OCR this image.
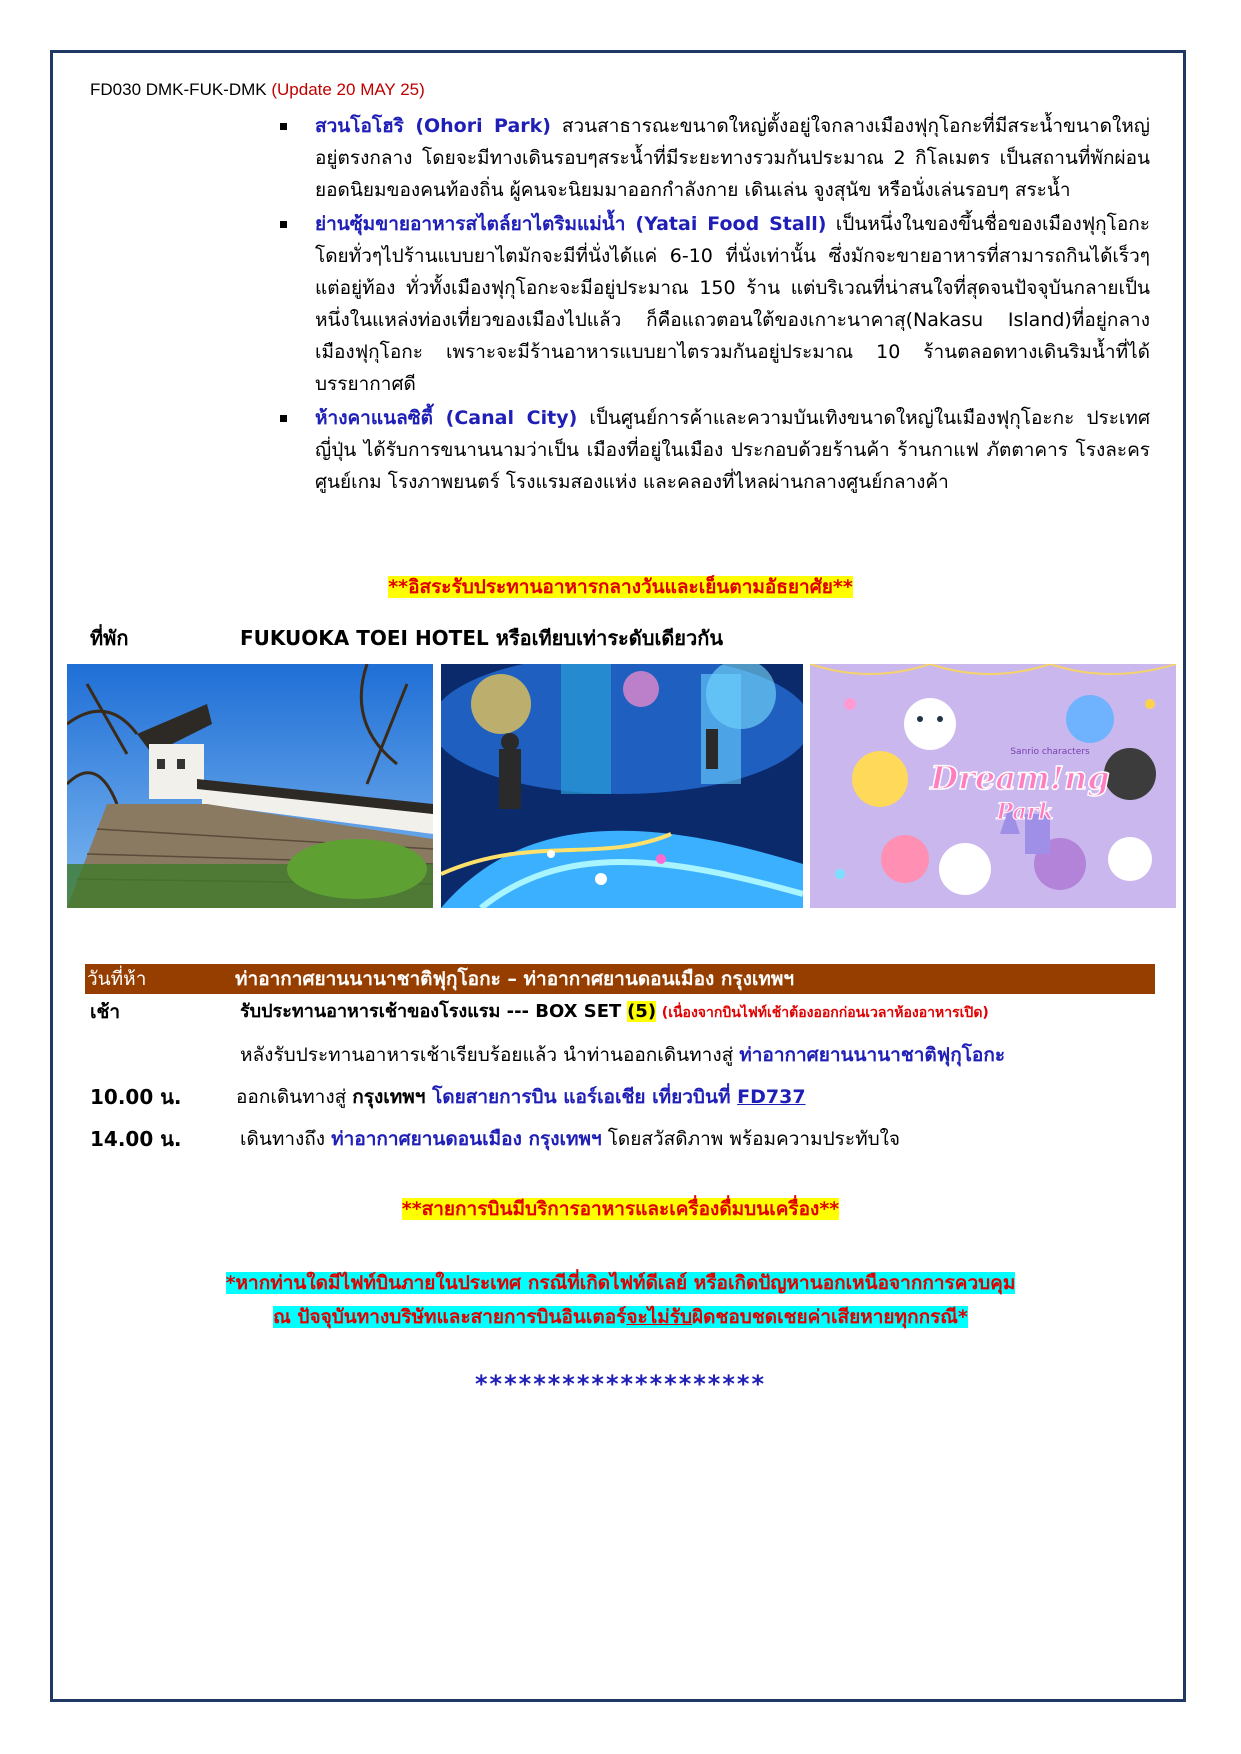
FD030 DMK-FUK-DMK (Update 20 MAY 25)
สวนโอโฮริ (Ohori Park) สวนสาธารณะขนาดใหญ่ตั้งอยู่ใจกลางเมืองฟุกุโอกะที่มีสระน้ำขนาดใหญ่อยู่ตรงกลาง โดยจะมีทางเดินรอบๆสระน้ำที่มีระยะทางรวมกันประมาณ 2 กิโลเมตร เป็นสถานที่พักผ่อนยอดนิยมของคนท้องถิ่น ผู้คนจะนิยมมาออกกำลังกาย เดินเล่น จูงสุนัข หรือนั่งเล่นรอบๆ สระน้ำ
ย่านซุ้มขายอาหารสไตล์ยาไตริมแม่น้ำ (Yatai Food Stall) เป็นหนึ่งในของขึ้นชื่อของเมืองฟุกุโอกะ โดยทั่วๆไปร้านแบบยาไตมักจะมีที่นั่งได้แค่ 6-10 ที่นั่งเท่านั้น ซึ่งมักจะขายอาหารที่สามารถกินได้เร็วๆแต่อยู่ท้อง ทั่วทั้งเมืองฟุกุโอกะจะมีอยู่ประมาณ 150 ร้าน แต่บริเวณที่น่าสนใจที่สุดจนปัจจุบันกลายเป็นหนึ่งในแหล่งท่องเที่ยวของเมืองไปแล้ว ก็คือแถวตอนใต้ของเกาะนาคาสุ(Nakasu Island)ที่อยู่กลางเมืองฟุกุโอกะ เพราะจะมีร้านอาหารแบบยาไตรวมกันอยู่ประมาณ 10 ร้านตลอดทางเดินริมน้ำที่ได้บรรยากาศดี
ห้างคาแนลซิตี้ (Canal City) เป็นศูนย์การค้าและความบันเทิงขนาดใหญ่ในเมืองฟุกุโอะกะ ประเทศญี่ปุ่น ได้รับการขนานนามว่าเป็น เมืองที่อยู่ในเมือง ประกอบด้วยร้านค้า ร้านกาแฟ ภัตตาคาร โรงละคร ศูนย์เกม โรงภาพยนตร์ โรงแรมสองแห่ง และคลองที่ไหลผ่านกลางศูนย์กลางค้า
**อิสระรับประทานอาหารกลางวันและเย็นตามอัธยาศัย**
ที่พัก	FUKUOKA TOEI HOTEL หรือเทียบเท่าระดับเดียวกัน
Sanrio characters
Dream!ng
Park
วันที่ห้า	ท่าอากาศยานนานาชาติฟุกุโอกะ – ท่าอากาศยานดอนเมือง กรุงเทพฯ
เช้า	รับประทานอาหารเช้าของโรงแรม --- BOX SET (5) (เนื่องจากบินไฟท์เช้าต้องออกก่อนเวลาห้องอาหารเปิด)
หลังรับประทานอาหารเช้าเรียบร้อยแล้ว นำท่านออกเดินทางสู่ ท่าอากาศยานนานาชาติฟุกุโอกะ
10.00 น.	ออกเดินทางสู่ กรุงเทพฯ โดยสายการบิน แอร์เอเชีย เที่ยวบินที่ FD737
14.00 น.	เดินทางถึง ท่าอากาศยานดอนเมือง กรุงเทพฯ โดยสวัสดิภาพ พร้อมความประทับใจ
**สายการบินมีบริการอาหารและเครื่องดื่มบนเครื่อง**
*หากท่านใดมีไฟท์บินภายในประเทศ กรณีที่เกิดไฟท์ดีเลย์ หรือเกิดปัญหานอกเหนือจากการควบคุม
ณ ปัจจุบันทางบริษัทและสายการบินอินเตอร์จะไม่รับผิดชอบชดเชยค่าเสียหายทุกกรณี*
********************
